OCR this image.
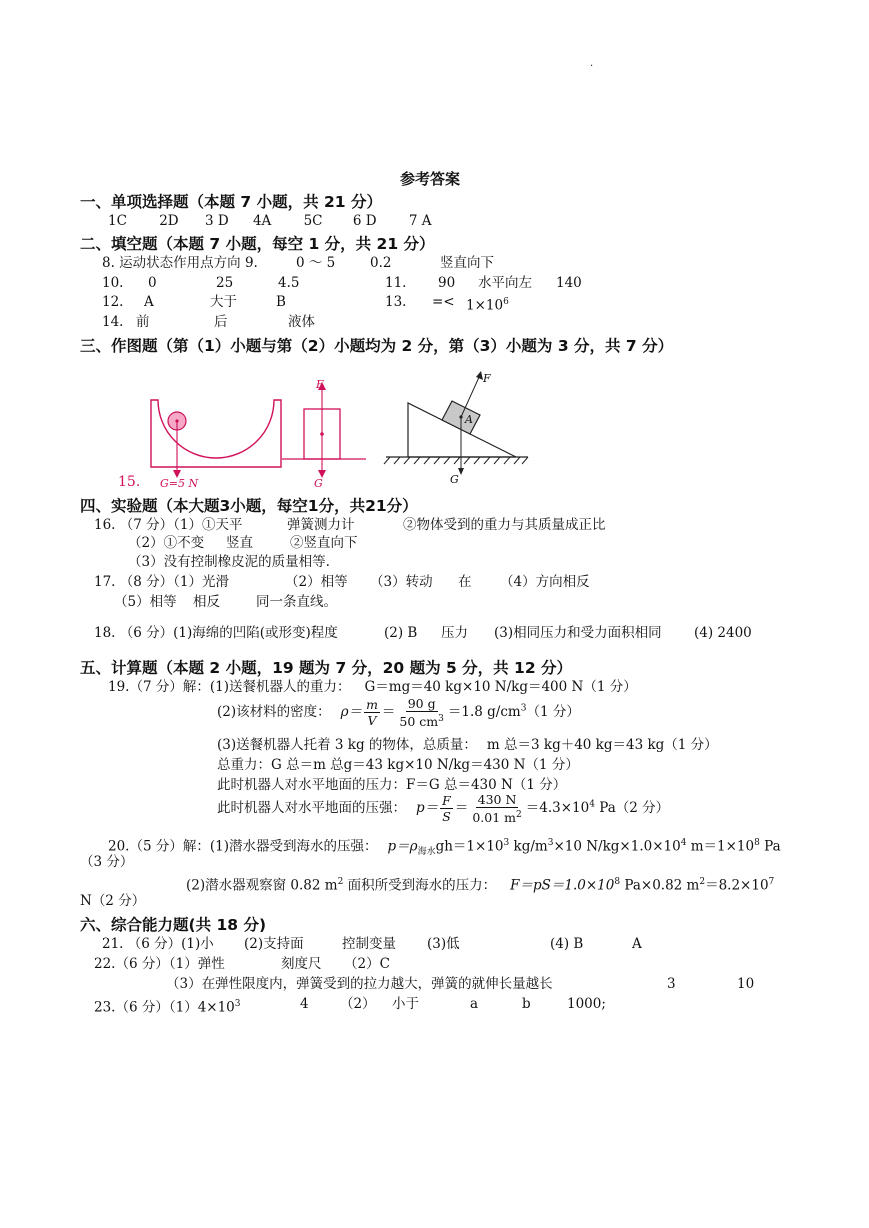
.
参考答案
一、单项选择题（本题 7 小题，共 21 分）
1C 2D 3 D 4A 5C 6 D 7 A
二、填空题（本题 7 小题，每空 1 分，共 21 分）
8. 运动状态作用点方向 9.	0 ～ 5	0.2	竖直向下
10. 0	25	4.5	11. 90 水平向左 140
12. A	大于	B	13. =< $1\times 10^6$
14. 前	后	液体
三、作图题（第（1）小题与第（2）小题均为 2 分，第（3）小题为 3 分，共 7 分）
15. G=5 N
F
G
F
A
G
四、实验题（本大题3小题，每空1分，共21分）
16. （7 分）（1）①天平	弹簧测力计	②物体受到的重力与其质量成正比
（2）①不变 竖直	②竖直向下
（3）没有控制橡皮泥的质量相等.
17. （8 分）（1）光滑	（2）相等 （3）转动 在 （4）方向相反
（5）相等 相反	同一条直线。
18. （6 分）(1)海绵的凹陷(或形变)程度	(2) B 压力 (3)相同压力和受力面积相同 (4) 2400
五、计算题（本题 2 小题，19 题为 7 分，20 题为 5 分，共 12 分）
19.（7 分）解：(1)送餐机器人的重力： G＝mg＝40 kg×10 N/kg＝400 N（1 分）
(2)该材料的密度： $\rho= \frac{m}{V} = \frac{90 g}{50 cm^3} =1.8$ $g/cm^3(1$ 分）
(3)送餐机器人托着 3 kg 的物体，总质量： m 总＝3 kg＋40 kg＝43 kg（1 分）
总重力：G 总＝m 总g＝43 kg×10 N/kg＝430 N（1 分）
此时机器人对水平地面的压力：F＝G 总＝430 N（1 分）
此时机器人对水平地面的压强： $p= \frac{F}{S} = \frac{430 N}{0.01 m^2} =4.3\times 10^4$ Pa（2 分）
20.（5 分）解：(1)潜水器受到海水的压强： $p=\rho_{海水}gh=1\times 10^3$ $kg/m^3\times 10$ $N/kg\times 1.0\times 10^4$ $m=1\times 10^8$ Pa
（3 分）
(2)潜水器观察窗 0.82 $m^2$ 面积所受到海水的压力： $F=pS=1.0\times 10^8$ Pa×0.82 $m^2=8.2\times 10^7$
N（2 分）
六、综合能力题(共 18 分)
21. （6 分）(1)小 (2)支持面	控制变量 (3)低	(4) B	A
22.（6 分）（1）弹性	刻度尺 （2）C
（3）在弹性限度内，弹簧受到的拉力越大，弹簧的就伸长量越长	3	10
23.（6 分）$(1)4\times 10^3$	4 （2） 小于	a	b	1000;
